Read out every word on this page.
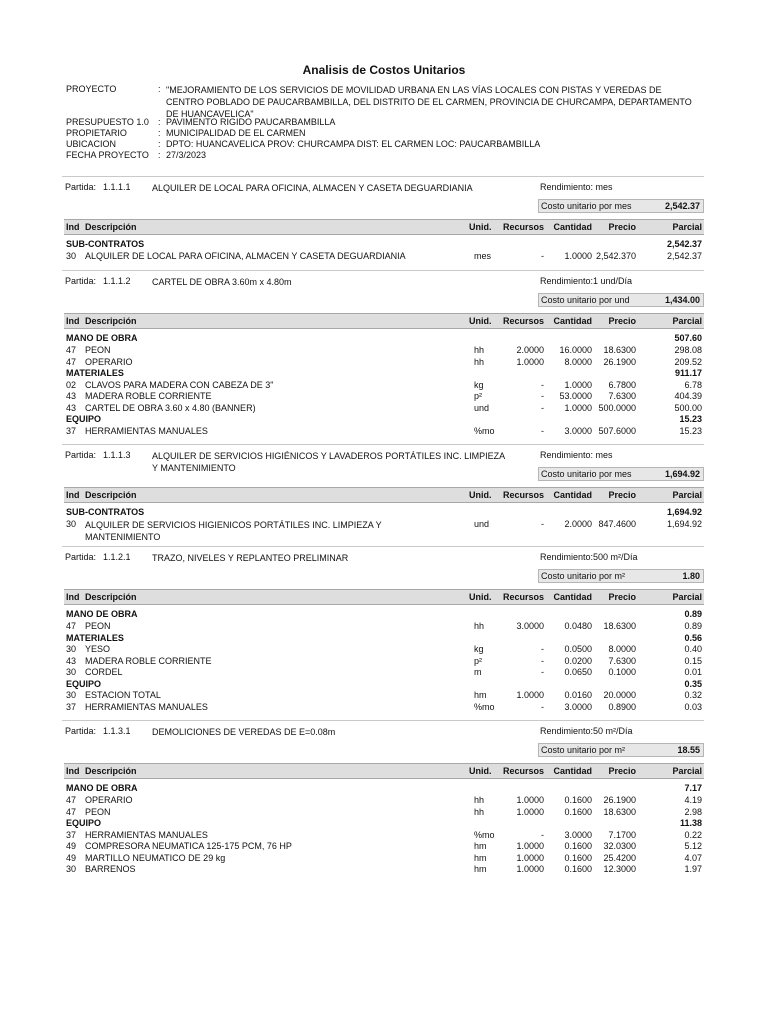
Analisis de Costos Unitarios
PROYECTO	: "MEJORAMIENTO DE LOS SERVICIOS DE MOVILIDAD URBANA EN LAS VÍAS LOCALES CON PISTAS Y VEREDAS DE CENTRO POBLADO DE PAUCARBAMBILLA, DEL DISTRITO DE EL CARMEN, PROVINCIA DE CHURCAMPA, DEPARTAMENTO DE HUANCAVELICA"
PRESUPUESTO 1.0 : PAVIMENTO RIGIDO PAUCARBAMBILLA
PROPIETARIO	: MUNICIPALIDAD DE EL CARMEN
UBICACION	: DPTO: HUANCAVELICA PROV: CHURCAMPA DIST: EL CARMEN LOC: PAUCARBAMBILLA
FECHA PROYECTO : 27/3/2023
Partida: 1.1.1.1 ALQUILER DE LOCAL PARA OFICINA, ALMACEN Y CASETA DEGUARDIANIA	Rendimiento: mes
Costo unitario por mes	2,542.37
Ind Descripción	Unid. Recursos Cantidad Precio	Parcial
SUB-CONTRATOS	2,542.37
30 ALQUILER DE LOCAL PARA OFICINA, ALMACEN Y CASETA DEGUARDIANIA	mes	- 1.0000 2,542.370	2,542.37
Partida: 1.1.1.2 CARTEL DE OBRA 3.60m x 4.80m	Rendimiento:1 und/Día
Costo unitario por und	1,434.00
Ind Descripción	Unid. Recursos Cantidad Precio	Parcial
MANO DE OBRA	507.60
47 PEON	hh	2.0000 16.0000 18.6300	298.08
47 OPERARIO	hh	1.0000 8.0000 26.1900	209.52
MATERIALES	911.17
02 CLAVOS PARA MADERA CON CABEZA DE 3"	kg	- 1.0000 6.7800	6.78
43 MADERA ROBLE CORRIENTE	p²	- 53.0000 7.6300	404.39
43 CARTEL DE OBRA 3.60 x 4.80 (BANNER)	und	- 1.0000 500.0000	500.00
EQUIPO	15.23
37 HERRAMIENTAS MANUALES	%mo	- 3.0000 507.6000	15.23
Partida: 1.1.1.3 ALQUILER DE SERVICIOS HIGIÉNICOS Y LAVADEROS PORTÁTILES INC. LIMPIEZA Y MANTENIMIENTO
Rendimiento: mes
Costo unitario por mes	1,694.92
Ind Descripción	Unid. Recursos Cantidad Precio	Parcial
SUB-CONTRATOS	1,694.92
30 ALQUILER DE SERVICIOS HIGIENICOS PORTÁTILES INC. LIMPIEZA Y MANTENIMIENTO
und	- 2.0000 847.4600	1,694.92
Partida: 1.1.2.1 TRAZO, NIVELES Y REPLANTEO PRELIMINAR	Rendimiento:500 m²/Día
Costo unitario por m²	1.80
Ind Descripción	Unid. Recursos Cantidad Precio	Parcial
MANO DE OBRA	0.89
47 PEON	hh	3.0000 0.0480 18.6300	0.89
MATERIALES	0.56
30 YESO	kg	- 0.0500 8.0000	0.40
43 MADERA ROBLE CORRIENTE	p²	- 0.0200 7.6300	0.15
30 CORDEL	m	- 0.0650 0.1000	0.01
EQUIPO	0.35
30 ESTACION TOTAL	hm	1.0000 0.0160 20.0000	0.32
37 HERRAMIENTAS MANUALES	%mo	- 3.0000 0.8900	0.03
Partida: 1.1.3.1 DEMOLICIONES DE VEREDAS DE E=0.08m	Rendimiento:50 m²/Día
Costo unitario por m²	18.55
Ind Descripción	Unid. Recursos Cantidad Precio	Parcial
MANO DE OBRA	7.17
47 OPERARIO	hh	1.0000 0.1600 26.1900	4.19
47 PEON	hh	1.0000 0.1600 18.6300	2.98
EQUIPO	11.38
37 HERRAMIENTAS MANUALES	%mo	- 3.0000 7.1700	0.22
49 COMPRESORA NEUMATICA 125-175 PCM, 76 HP	hm	1.0000 0.1600 32.0300	5.12
49 MARTILLO NEUMATICO DE 29 kg	hm	1.0000 0.1600 25.4200	4.07
30 BARRENOS	hm	1.0000 0.1600 12.3000	1.97
